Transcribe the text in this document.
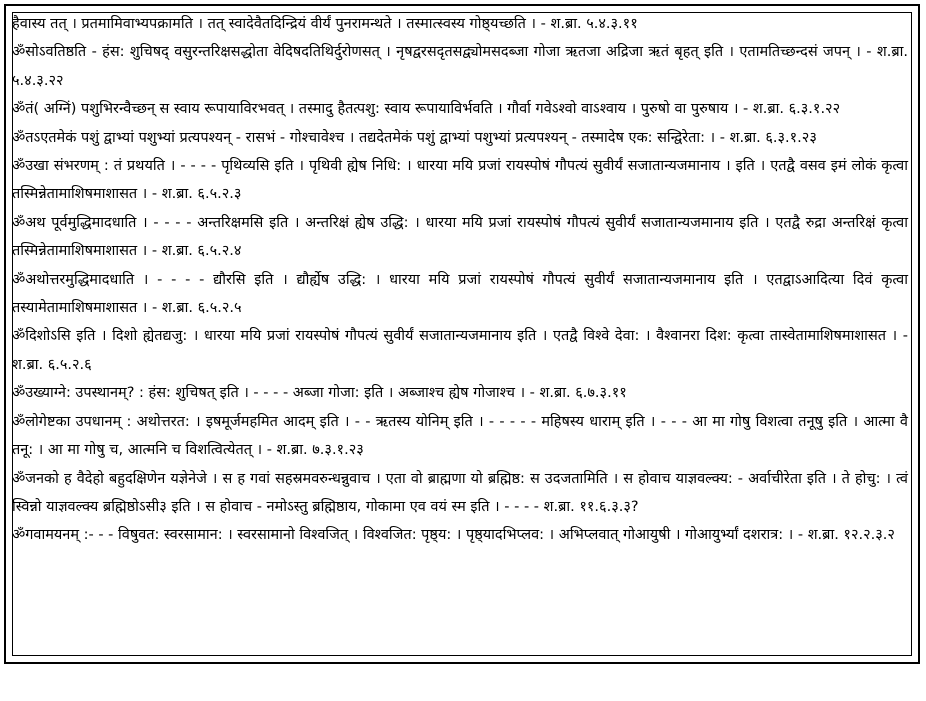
हैवास्य तत् । प्रतमामिवाभ्यपक्रामति । तत् स्वादेवैतदिन्द्रियं वीर्यं पुनरामन्थते । तस्मात्स्वस्य गोष्ठ्यच्छति । - श.ब्रा. ५.४.३.११

ॐसोऽवतिष्ठति - हंस: शुचिषद् वसुरन्तरिक्षसद्धोता वेदिषदतिथिर्दुरोणसत् । नृषद्वरसदृतसद्व्योमसदब्जा गोजा ऋतजा अद्रिजा ऋतं बृहत् इति । एतामतिच्छन्दसं जपन् । - श.ब्रा. ५.४.३.२२

ॐतं( अग्निं) पशुभिरन्वैच्छन् स स्वाय रूपायाविरभवत् । तस्मादु हैतत्पशु: स्वाय रूपायाविर्भवति । गौर्वा गवेऽश्वो वाऽश्वाय । पुरुषो वा पुरुषाय । - श.ब्रा. ६.३.१.२२

ॐतऽएतमेकं पशुं द्वाभ्यां पशुभ्यां प्रत्यपश्यन् - रासभं - गोश्चावेश्च । तद्यदेतमेकं पशुं द्वाभ्यां पशुभ्यां प्रत्यपश्यन् - तस्मादेष एक: सन्द्विरेता: । - श.ब्रा. ६.३.१.२३

ॐउखा संभरणम् : तं प्रथयति । - - - - पृथिव्यसि इति । पृथिवी ह्येष निधि: । धारया मयि प्रजां रायस्पोषं गौपत्यं सुवीर्यं सजातान्यजमानाय । इति । एतद्वै वसव इमं लोकं कृत्वा तस्मिन्नेतामाशिषमाशासत । - श.ब्रा. ६.५.२.३

ॐअथ पूर्वमुद्धिमादधाति । - - - - अन्तरिक्षमसि इति । अन्तरिक्षं ह्येष उद्धि: । धारया मयि प्रजां रायस्पोषं गौपत्यं सुवीर्यं सजातान्यजमानाय इति । एतद्वै रुद्रा अन्तरिक्षं कृत्वा तस्मिन्नेतामाशिषमाशासत । - श.ब्रा. ६.५.२.४

ॐअथोत्तरमुद्धिमादधाति । - - - - द्यौरसि इति । द्यौर्ह्येष उद्धि: । धारया मयि प्रजां रायस्पोषं गौपत्यं सुवीर्यं सजातान्यजमानाय इति । एतद्वाऽआदित्या दिवं कृत्वा तस्यामेतामाशिषमाशासत । - श.ब्रा. ६.५.२.५

ॐदिशोऽसि इति । दिशो ह्येतद्यजु: । धारया मयि प्रजां रायस्पोषं गौपत्यं सुवीर्यं सजातान्यजमानाय इति । एतद्वै विश्वे देवा: । वैश्वानरा दिश: कृत्वा तास्वेतामाशिषमाशासत । - श.ब्रा. ६.५.२.६

ॐउख्याग्ने: उपस्थानम्? : हंस: शुचिषत् इति । - - - - अब्जा गोजा: इति । अब्जाश्च ह्येष गोजाश्च । - श.ब्रा. ६.७.३.११

ॐलोगेष्टका उपधानम् : अथोत्तरत: । इषमूर्जमहमित आदम् इति । - - ऋतस्य योनिम् इति । - - - - - महिषस्य धाराम् इति । - - - आ मा गोषु विशत्वा तनूषु इति । आत्मा वै तनू: । आ मा गोषु च, आत्मनि च विशत्वित्येतत् । - श.ब्रा. ७.३.१.२३

ॐजनको ह वैदेहो बहुदक्षिणेन यज्ञेनेजे । स ह गवां सहस्रमवरुन्धन्नुवाच । एता वो ब्राह्मणा यो ब्रह्मिष्ठ: स उदजतामिति । स होवाच याज्ञवल्क्य: - अर्वाचीरेता इति । ते होचु: । त्वं स्विन्नो याज्ञवल्क्य ब्रह्मिष्ठोऽसी३ इति । स होवाच - नमोऽस्तु ब्रह्मिष्ठाय, गोकामा एव वयं स्म इति । - - - - श.ब्रा. ११.६.३.३?

ॐगवामयनम् :- - - विषुवत: स्वरसामान: । स्वरसामानो विश्वजित् । विश्वजित: पृष्ठ्य: । पृष्ठ्यादभिप्लव: । अभिप्लवात् गोआयुषी । गोआयुर्भ्यां दशरात्र: । - श.ब्रा. १२.२.३.२
